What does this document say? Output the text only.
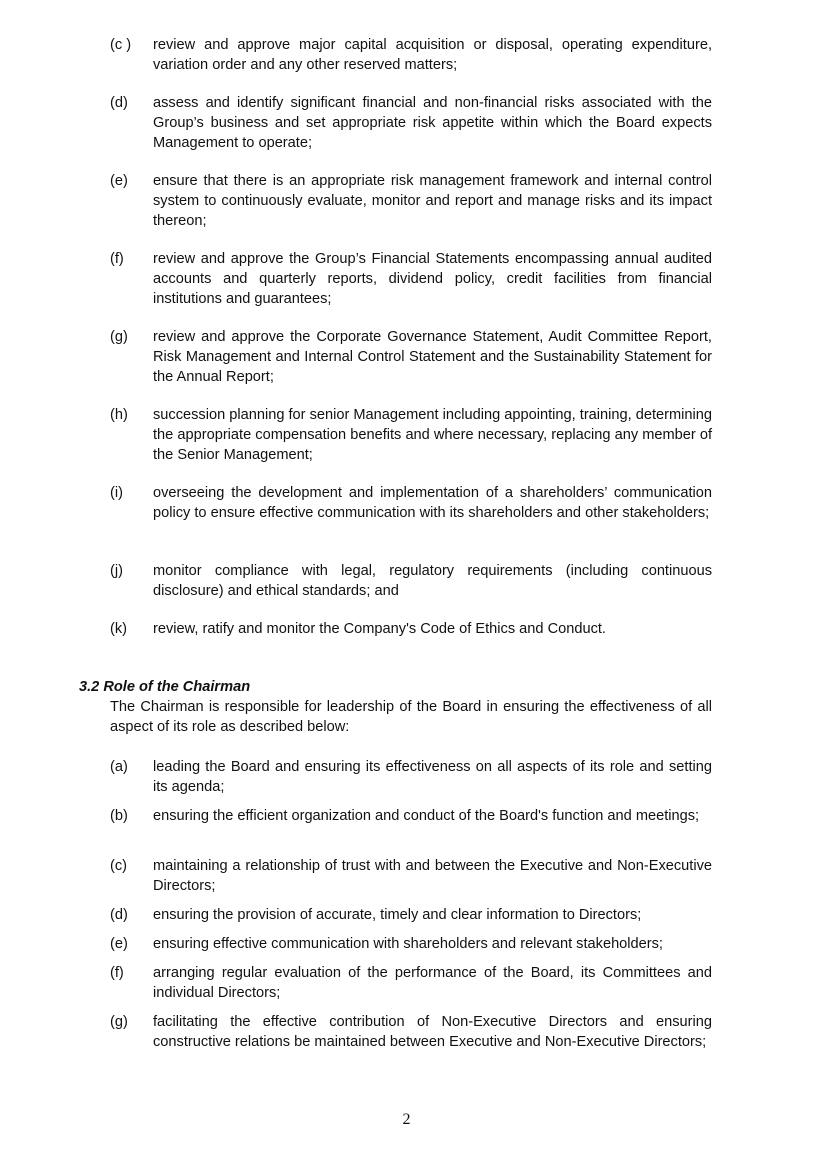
(c )	review and approve major capital acquisition or disposal, operating expenditure, variation order and any other reserved matters;
(d)	assess and identify significant financial and non-financial risks associated with the Group’s business and set appropriate risk appetite within which the Board expects Management to operate;
(e)	ensure that there is an appropriate risk management framework and internal control system to continuously evaluate, monitor and report and manage risks and its impact thereon;
(f)	review and approve the Group’s Financial Statements encompassing annual audited accounts and quarterly reports, dividend policy, credit facilities from financial institutions and guarantees;
(g)	review and approve the Corporate Governance Statement, Audit Committee Report, Risk Management and Internal Control Statement and the Sustainability Statement for the Annual Report;
(h)	succession planning for senior Management including appointing, training, determining the appropriate compensation benefits and where necessary, replacing any member of the Senior Management;
(i)	overseeing the development and implementation of a shareholders’ communication policy to ensure effective communication with its shareholders and other stakeholders;
(j)	monitor compliance with legal, regulatory requirements (including continuous disclosure) and ethical standards; and
(k)	review, ratify and monitor the Company's Code of Ethics and Conduct.
3.2 Role of the Chairman
The Chairman is responsible for leadership of the Board in ensuring the effectiveness of all aspect of its role as described below:
(a)	leading the Board and ensuring its effectiveness on all aspects of its role and setting its agenda;
(b)	ensuring the efficient organization and conduct of the Board's function and meetings;
(c)	maintaining a relationship of trust with and between the Executive and Non-Executive Directors;
(d)	ensuring the provision of accurate, timely and clear information to Directors;
(e)	ensuring effective communication with shareholders and relevant stakeholders;
(f)	arranging regular evaluation of the performance of the Board, its Committees and individual Directors;
(g)	facilitating the effective contribution of Non-Executive Directors and ensuring constructive relations be maintained between Executive and Non-Executive Directors;
2
